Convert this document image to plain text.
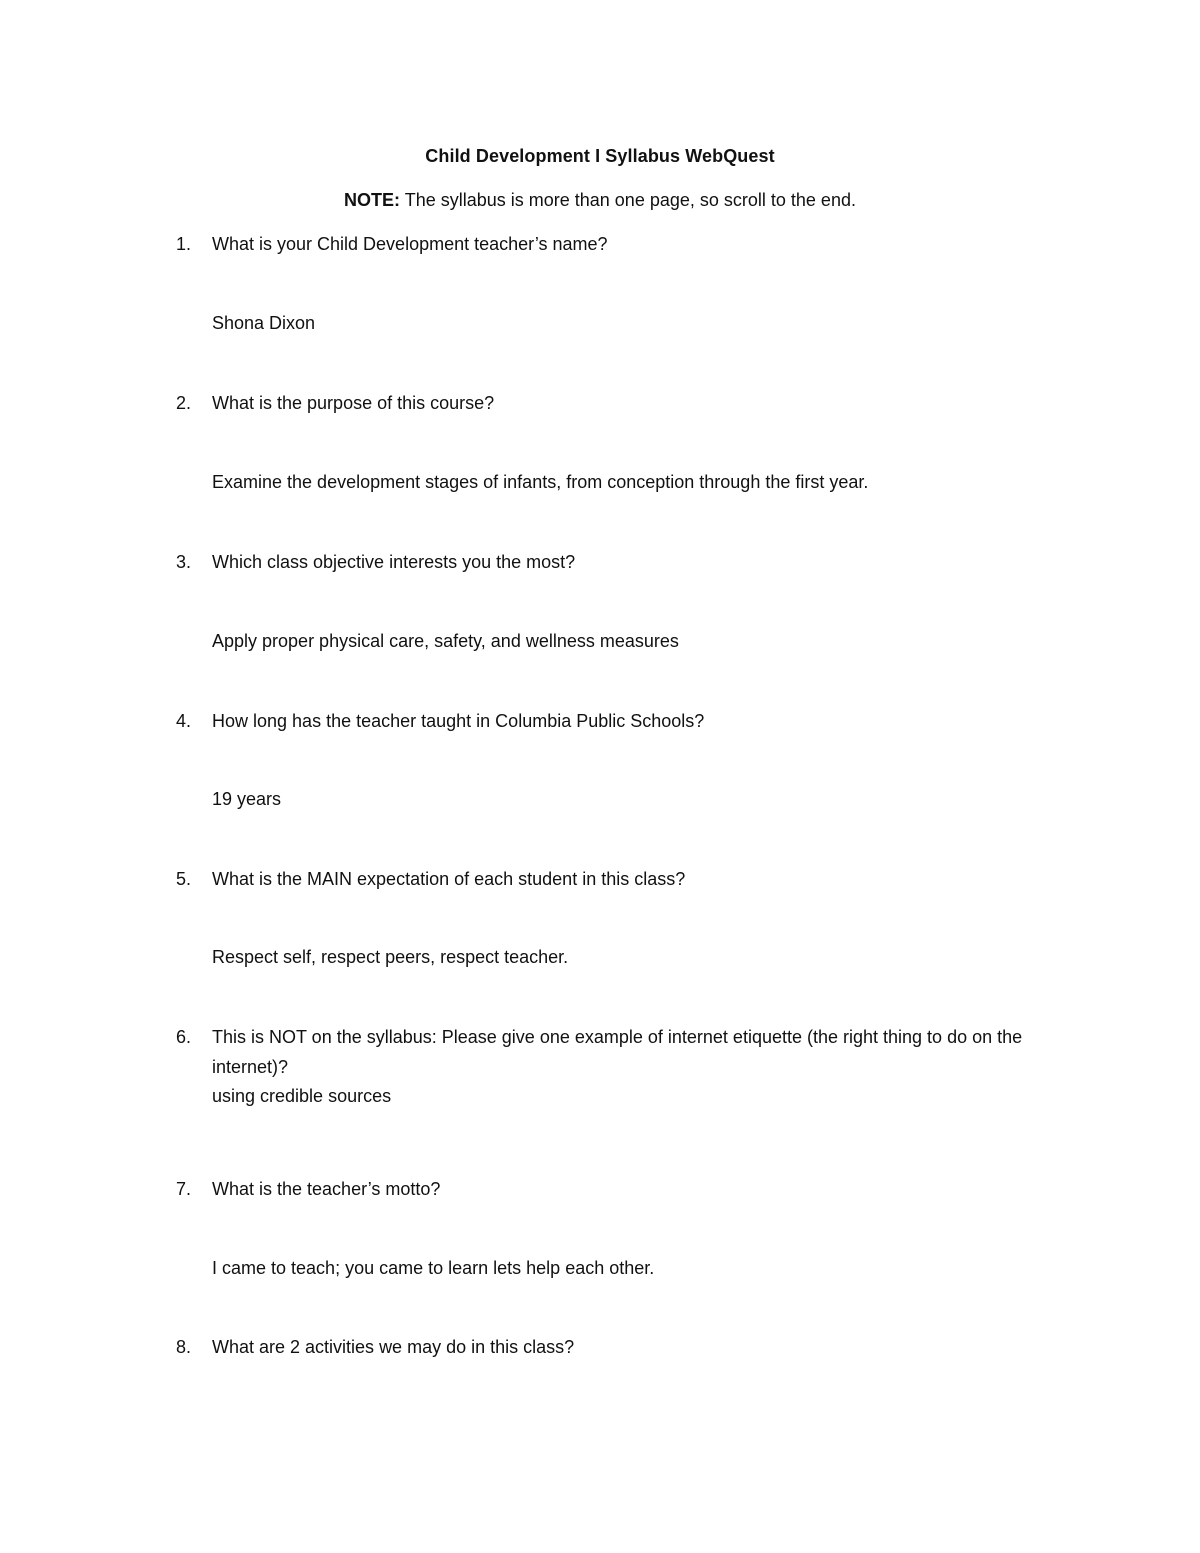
Child Development I Syllabus WebQuest
NOTE: The syllabus is more than one page, so scroll to the end.
1.	What is your Child Development teacher’s name?
Shona Dixon
2.	What is the purpose of this course?
Examine the development stages of infants, from conception through the first year.
3.	Which class objective interests you the most?
Apply proper physical care, safety, and wellness measures
4.	How long has the teacher taught in Columbia Public Schools?
19 years
5.	What is the MAIN expectation of each student in this class?
Respect self, respect peers, respect teacher.
6.	This is NOT on the syllabus: Please give one example of internet etiquette (the right thing to do on the internet)?
using credible sources
7.	What is the teacher’s motto?
I came to teach; you came to learn lets help each other.
8.	What are 2 activities we may do in this class?
